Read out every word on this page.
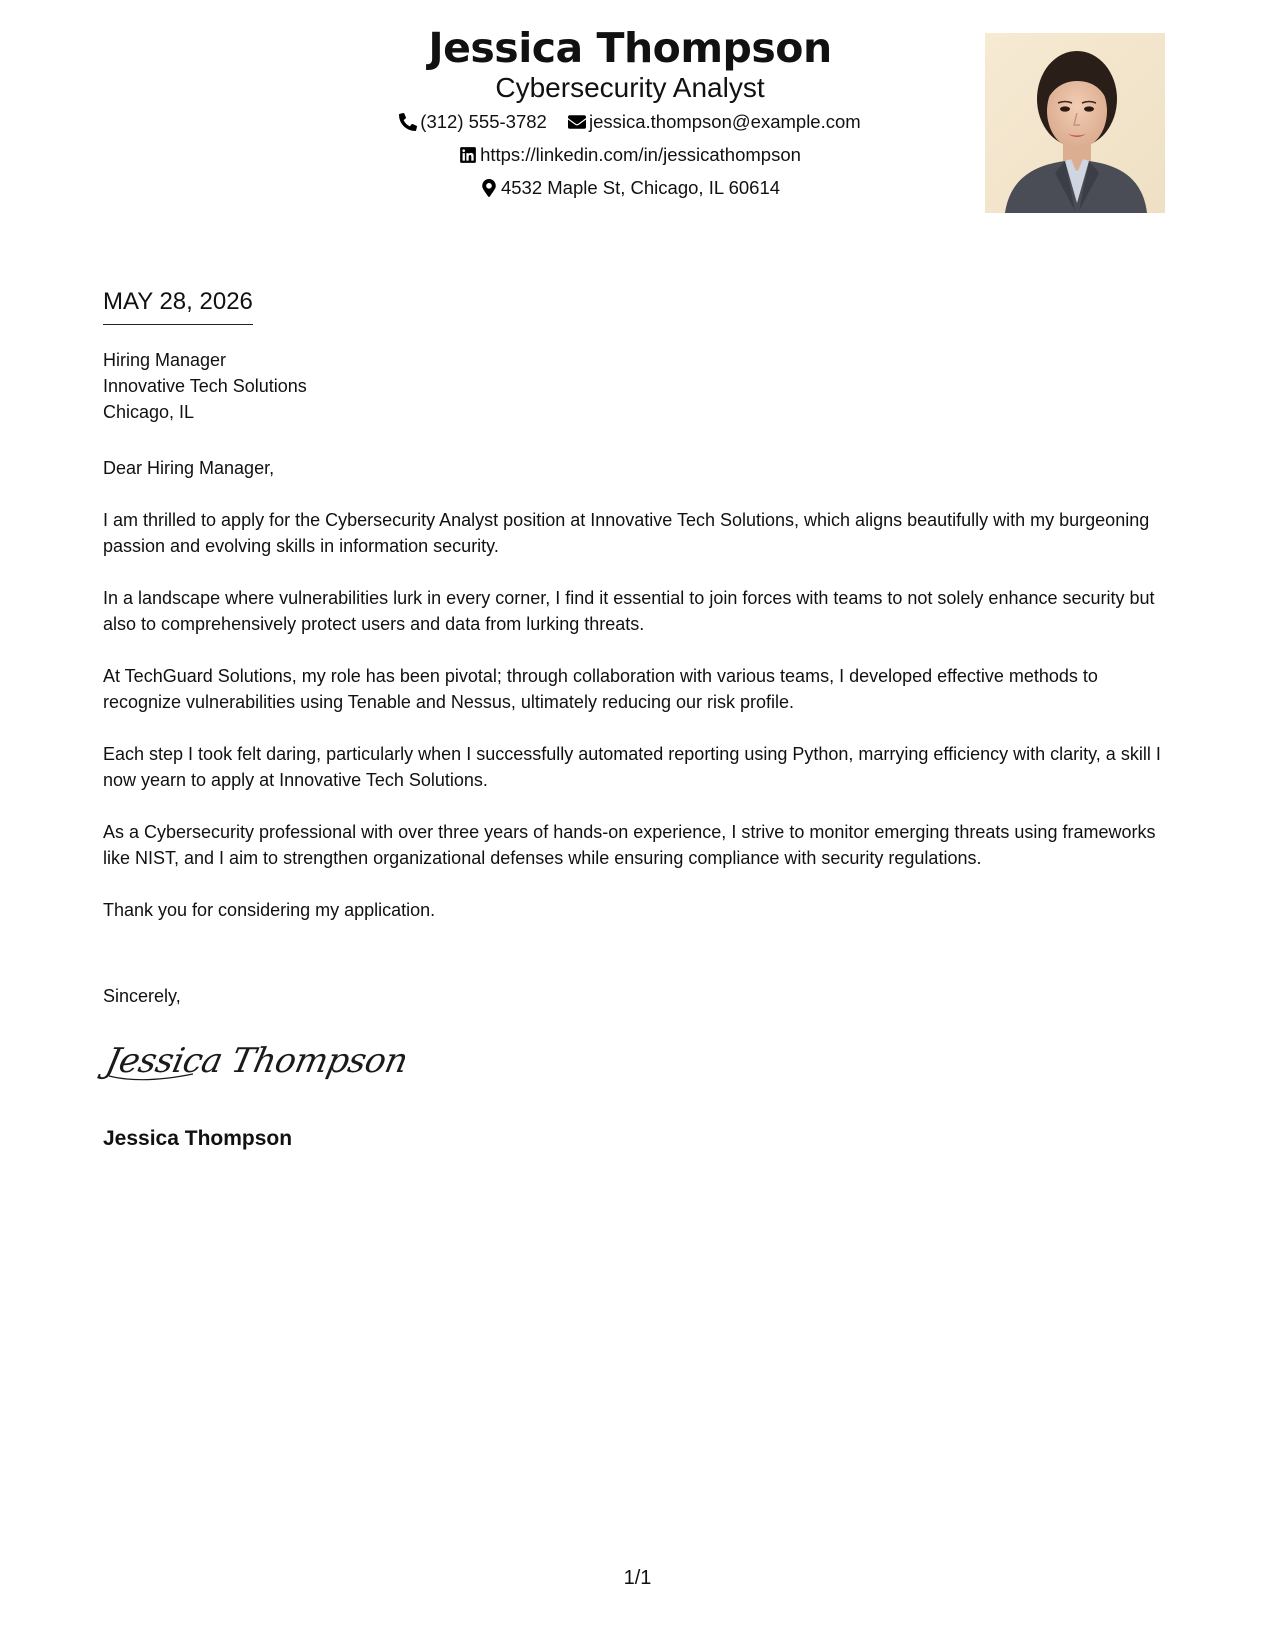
Jessica Thompson
Cybersecurity Analyst
(312) 555-3782 jessica.thompson@example.com
https://linkedin.com/in/jessicathompson
4532 Maple St, Chicago, IL 60614
MAY 28, 2026
Hiring Manager
Innovative Tech Solutions
Chicago, IL

Dear Hiring Manager,

I am thrilled to apply for the Cybersecurity Analyst position at Innovative Tech Solutions, which aligns beautifully with my burgeoning passion and evolving skills in information security.

In a landscape where vulnerabilities lurk in every corner, I find it essential to join forces with teams to not solely enhance security but also to comprehensively protect users and data from lurking threats.

At TechGuard Solutions, my role has been pivotal; through collaboration with various teams, I developed effective methods to recognize vulnerabilities using Tenable and Nessus, ultimately reducing our risk profile.

Each step I took felt daring, particularly when I successfully automated reporting using Python, marrying efficiency with clarity, a skill I now yearn to apply at Innovative Tech Solutions.

As a Cybersecurity professional with over three years of hands-on experience, I strive to monitor emerging threats using frameworks like NIST, and I aim to strengthen organizational defenses while ensuring compliance with security regulations.

Thank you for considering my application.

Sincerely,
Jessica Thompson
Jessica Thompson
1/1
